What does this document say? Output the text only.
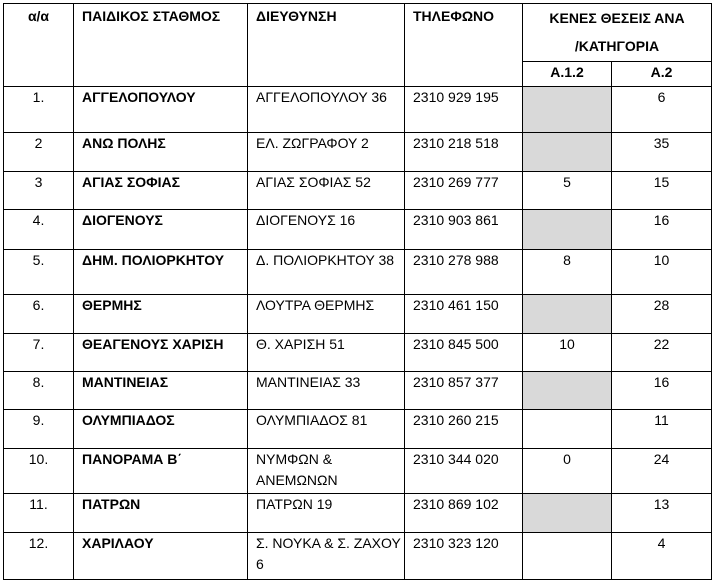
α/α	ΠΑΙΔΙΚΟΣ ΣΤΑΘΜΟΣ	ΔΙΕΥΘΥΝΣΗ	ΤΗΛΕΦΩΝΟ	ΚΕΝΕΣ ΘΕΣΕΙΣ ΑΝΑ
/ΚΑΤΗΓΟΡΙΑ	

				Α.1.2	Α.2
1.	ΑΓΓΕΛΟΠΟΥΛΟΥ	ΑΓΓΕΛΟΠΟΥΛΟΥ 36	2310 929 195		6
2	ΑΝΩ ΠΟΛΗΣ	ΕΛ. ΖΩΓΡΑΦΟΥ 2	2310 218 518		35
3	ΑΓΙΑΣ ΣΟΦΙΑΣ	ΑΓΙΑΣ ΣΟΦΙΑΣ 52	2310 269 777	5	15
4.	ΔΙΟΓΕΝΟΥΣ	ΔΙΟΓΕΝΟΥΣ 16	2310 903 861		16
5.	ΔΗΜ. ΠΟΛΙΟΡΚΗΤΟΥ	Δ. ΠΟΛΙΟΡΚΗΤΟΥ 38	2310 278 988	8	10
6.	ΘΕΡΜΗΣ	ΛΟΥΤΡΑ ΘΕΡΜΗΣ	2310 461 150		28
7.	ΘΕΑΓΕΝΟΥΣ ΧΑΡΙΣΗ	Θ. ΧΑΡΙΣΗ 51	2310 845 500	10	22
8.	ΜΑΝΤΙΝΕΙΑΣ	ΜΑΝΤΙΝΕΙΑΣ 33	2310 857 377		16
9.	ΟΛΥΜΠΙΑΔΟΣ	ΟΛΥΜΠΙΑΔΟΣ 81	2310 260 215		11
10.	ΠΑΝΟΡΑΜΑ Β΄	ΝΥΜΦΩΝ & ΑΝΕΜΩΝΩΝ	2310 344 020	0	24
11.	ΠΑΤΡΩΝ	ΠΑΤΡΩΝ 19	2310 869 102		13
12.	ΧΑΡΙΛΑΟΥ	Σ. ΝΟΥΚΑ & Σ. ΖΑΧΟΥ 6	2310 323 120		4
